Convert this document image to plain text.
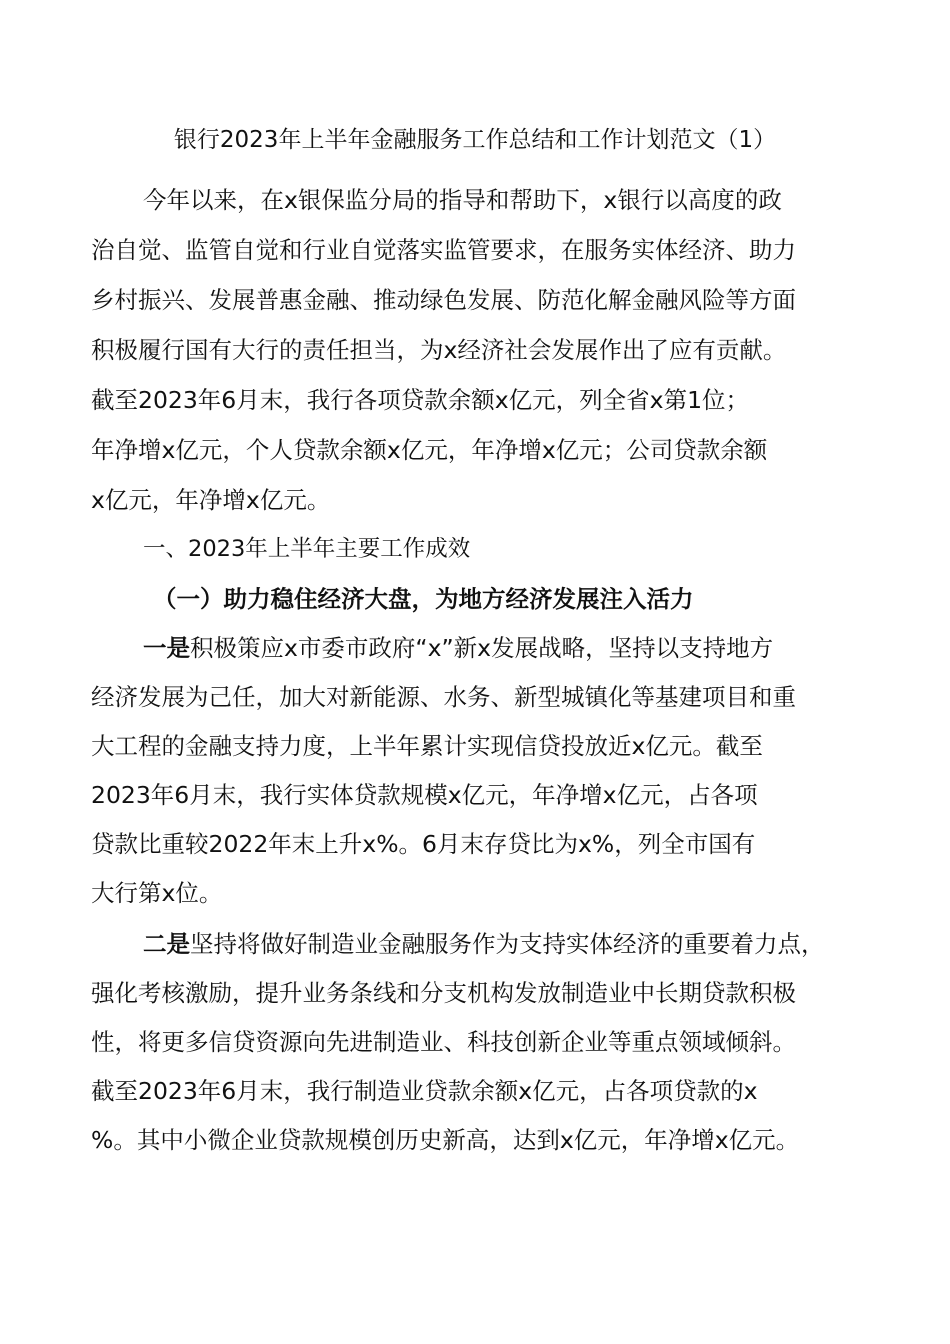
银行2023年上半年金融服务工作总结和工作计划范文（1）
今年以来，在x银保监分局的指导和帮助下，x银行以高度的政
治自觉、监管自觉和行业自觉落实监管要求，在服务实体经济、助力
乡村振兴、发展普惠金融、推动绿色发展、防范化解金融风险等方面
积极履行国有大行的责任担当，为x经济社会发展作出了应有贡献。
截至2023年6月末，我行各项贷款余额x亿元，列全省x第1位；
年净增x亿元，个人贷款余额x亿元，年净增x亿元；公司贷款余额
x亿元，年净增x亿元。
一、2023年上半年主要工作成效
（一）助力稳住经济大盘，为地方经济发展注入活力
一是积极策应x市委市政府“x”新x发展战略，坚持以支持地方
经济发展为己任，加大对新能源、水务、新型城镇化等基建项目和重
大工程的金融支持力度，上半年累计实现信贷投放近x亿元。截至
2023年6月末，我行实体贷款规模x亿元，年净增x亿元，占各项
贷款比重较2022年末上升x%。6月末存贷比为x%，列全市国有
大行第x位。
二是坚持将做好制造业金融服务作为支持实体经济的重要着力点，
强化考核激励，提升业务条线和分支机构发放制造业中长期贷款积极
性，将更多信贷资源向先进制造业、科技创新企业等重点领域倾斜。
截至2023年6月末，我行制造业贷款余额x亿元，占各项贷款的x
%。其中小微企业贷款规模创历史新高，达到x亿元，年净增x亿元。
